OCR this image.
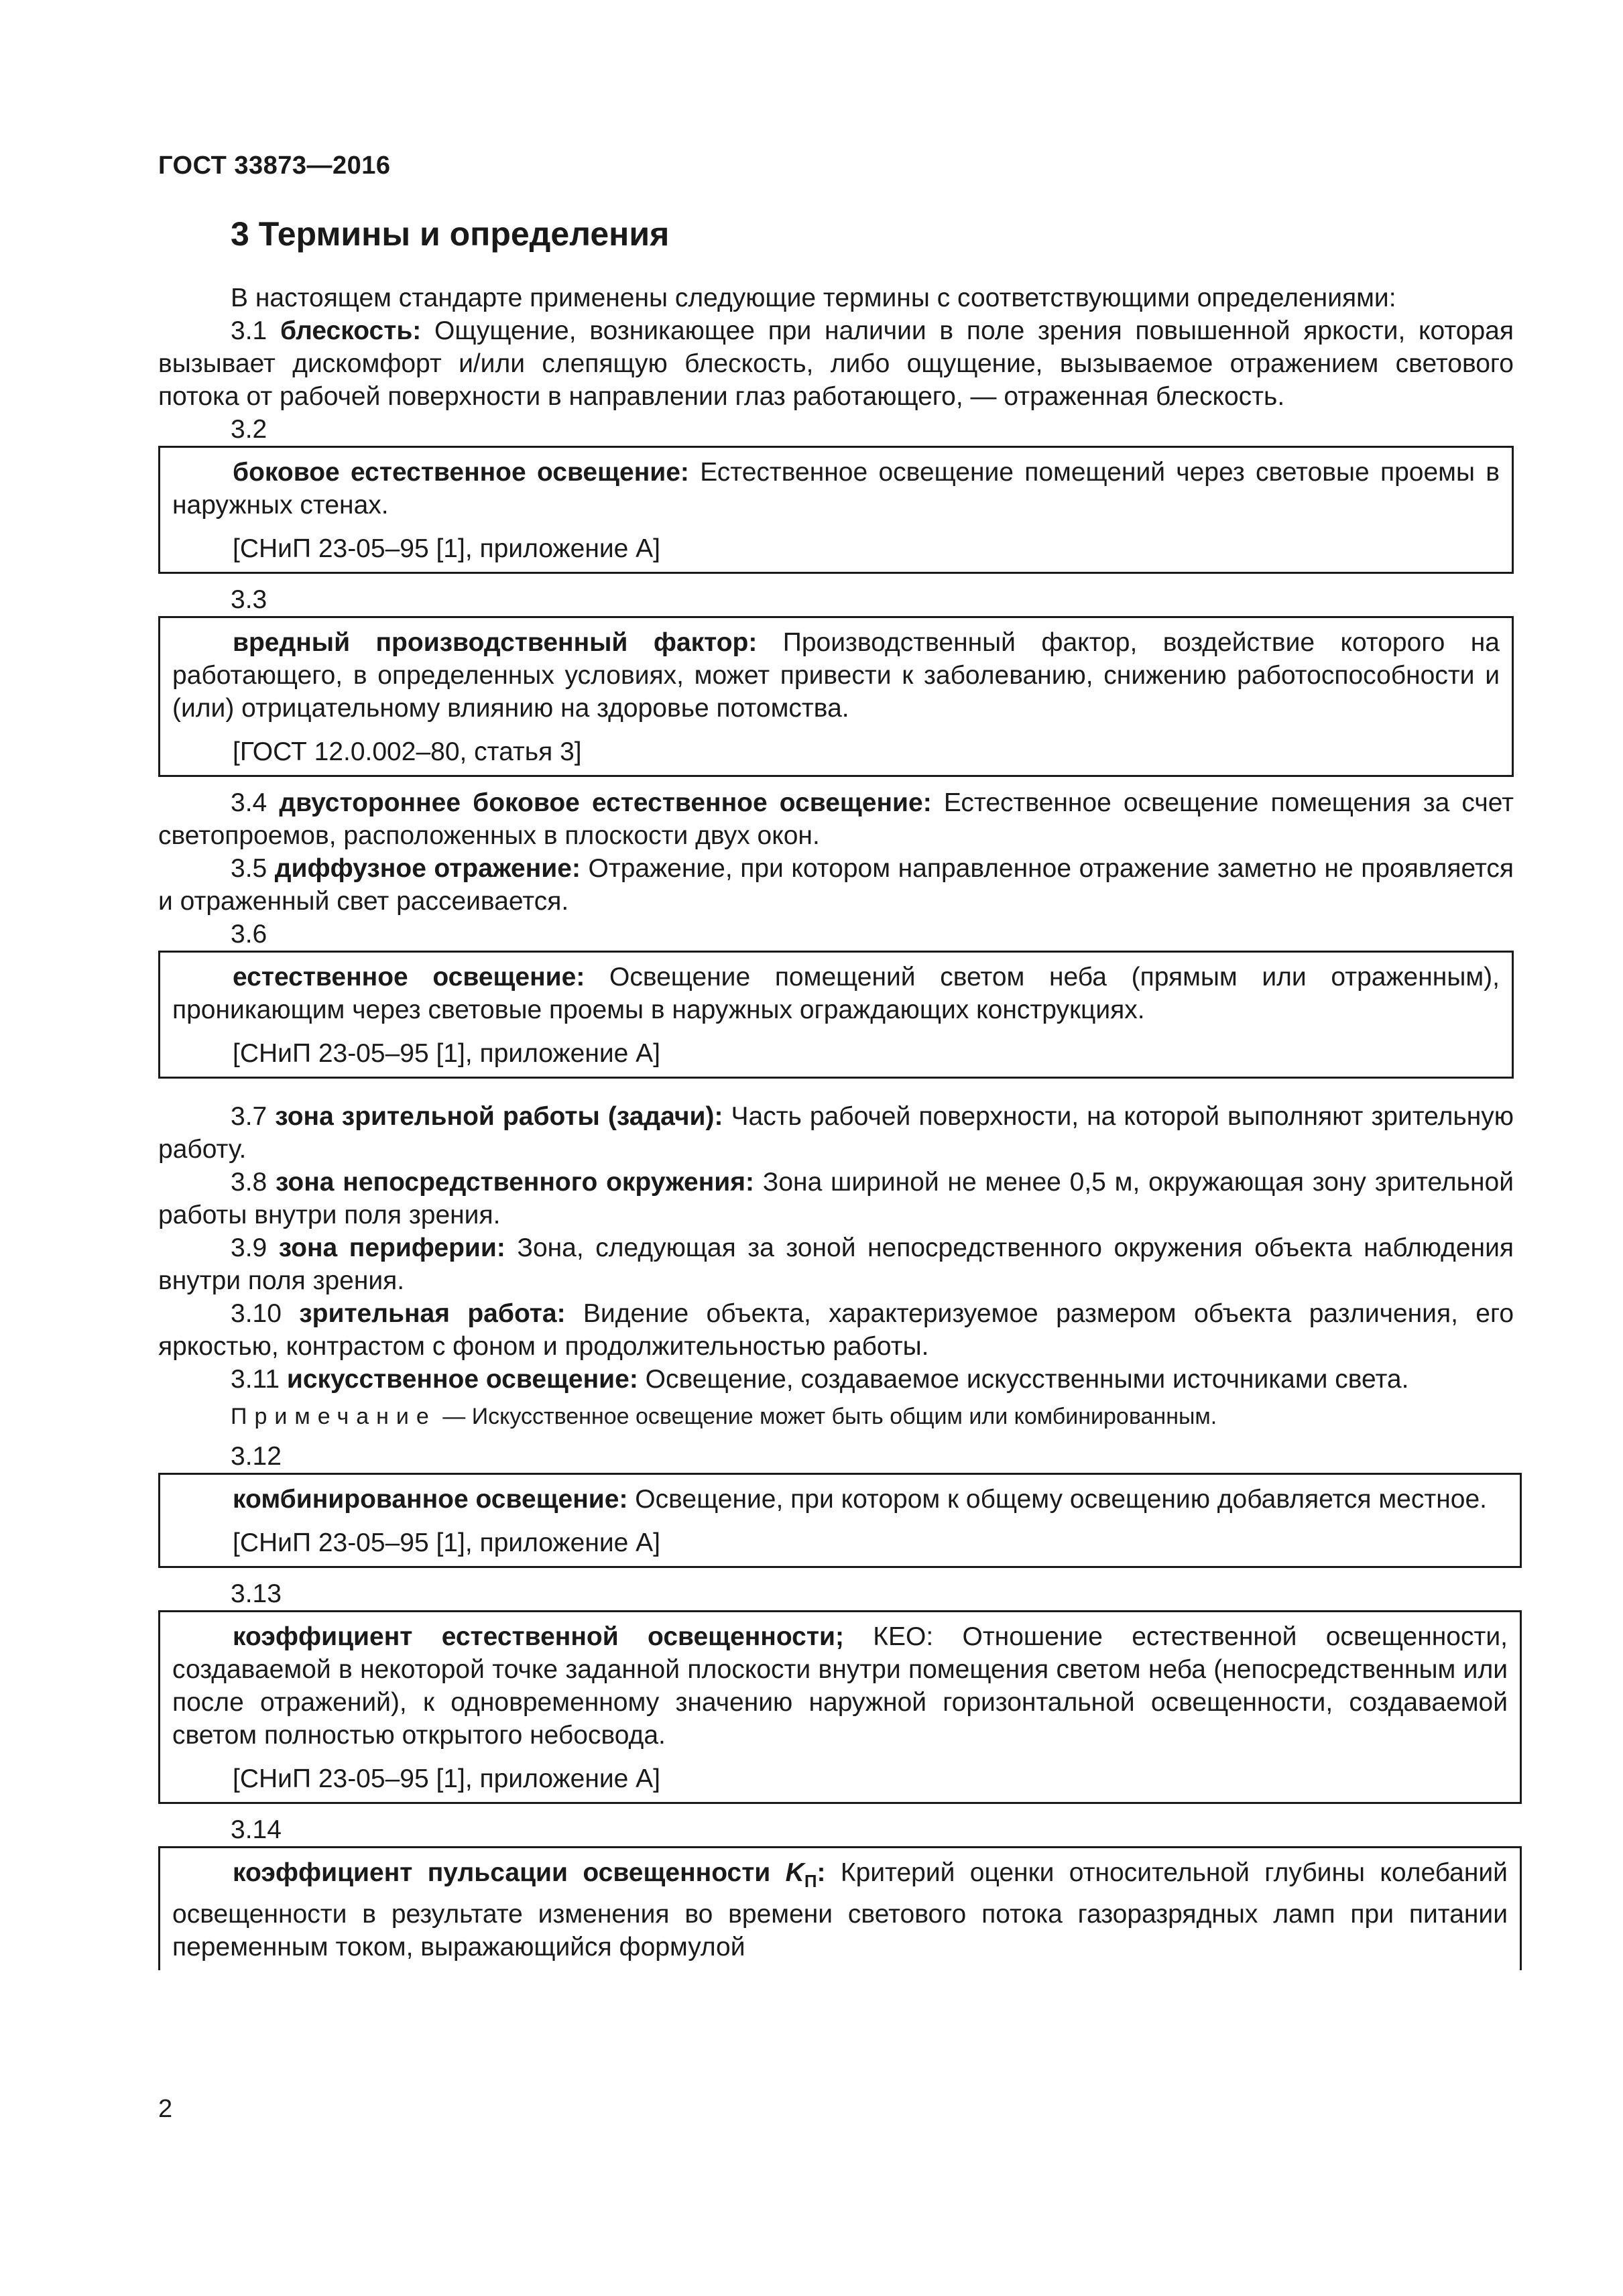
ГОСТ 33873—2016
3 Термины и определения

В настоящем стандарте применены следующие термины с соответствующими определениями:

3.1 блескость: Ощущение, возникающее при наличии в поле зрения повышенной яркости, которая вызывает дискомфорт и/или слепящую блескость, либо ощущение, вызываемое отражением светового потока от рабочей поверхности в направлении глаз работающего, — отраженная блескость.

3.2

боковое естественное освещение: Естественное освещение помещений через световые проемы в наружных стенах.

[СНиП 23-05–95 [1], приложение А]

3.3

вредный производственный фактор: Производственный фактор, воздействие которого на работающего, в определенных условиях, может привести к заболеванию, снижению работоспособности и (или) отрицательному влиянию на здоровье потомства.

[ГОСТ 12.0.002–80, статья 3]

3.4 двустороннее боковое естественное освещение: Естественное освещение помещения за счет светопроемов, расположенных в плоскости двух окон.

3.5 диффузное отражение: Отражение, при котором направленное отражение заметно не проявляется и отраженный свет рассеивается.

3.6

естественное освещение: Освещение помещений светом неба (прямым или отраженным), проникающим через световые проемы в наружных ограждающих конструкциях.

[СНиП 23-05–95 [1], приложение А]

3.7 зона зрительной работы (задачи): Часть рабочей поверхности, на которой выполняют зрительную работу.

3.8 зона непосредственного окружения: Зона шириной не менее 0,5 м, окружающая зону зрительной работы внутри поля зрения.

3.9 зона периферии: Зона, следующая за зоной непосредственного окружения объекта наблюдения внутри поля зрения.

3.10 зрительная работа: Видение объекта, характеризуемое размером объекта различения, его яркостью, контрастом с фоном и продолжительностью работы.

3.11 искусственное освещение: Освещение, создаваемое искусственными источниками света.

Примечание — Искусственное освещение может быть общим или комбинированным.

3.12

комбинированное освещение: Освещение, при котором к общему освещению добавляется местное.

[СНиП 23-05–95 [1], приложение А]

3.13

коэффициент естественной освещенности; КЕО: Отношение естественной освещенности, создаваемой в некоторой точке заданной плоскости внутри помещения светом неба (непосредственным или после отражений), к одновременному значению наружной горизонтальной освещенности, создаваемой светом полностью открытого небосвода.

[СНиП 23-05–95 [1], приложение А]

3.14

коэффициент пульсации освещенности $K_П$: Критерий оценки относительной глубины колебаний освещенности в результате изменения во времени светового потока газоразрядных ламп при питании переменным током, выражающийся формулой

2
